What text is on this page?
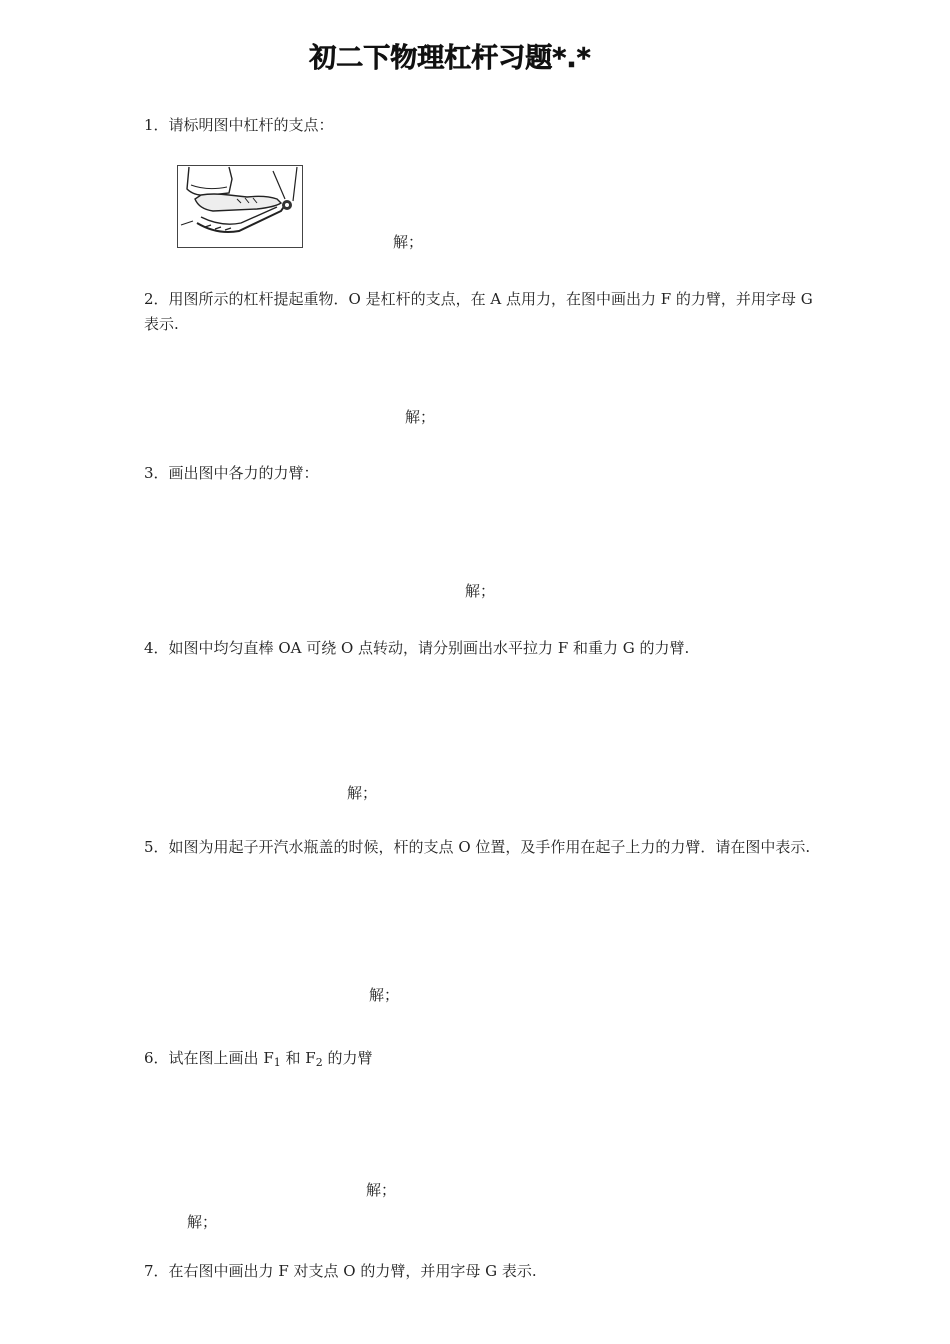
初二下物理杠杆习题*.*
1．请标明图中杠杆的支点：
解；
2．用图所示的杠杆提起重物．O 是杠杆的支点，在 A 点用力，在图中画出力 F 的力臂，并用字母 G 表示.
解；
3．画出图中各力的力臂：
解；
4．如图中均匀直棒 OA 可绕 O 点转动，请分别画出水平拉力 F 和重力 G 的力臂.
解；
5．如图为用起子开汽水瓶盖的时候，杆的支点 O 位置，及手作用在起子上力的力臂．请在图中表示.
解；
6．试在图上画出 $F_1$ 和 $F_2$ 的力臂
解；
解；
7．在右图中画出力 F 对支点 O 的力臂，并用字母 G 表示.
